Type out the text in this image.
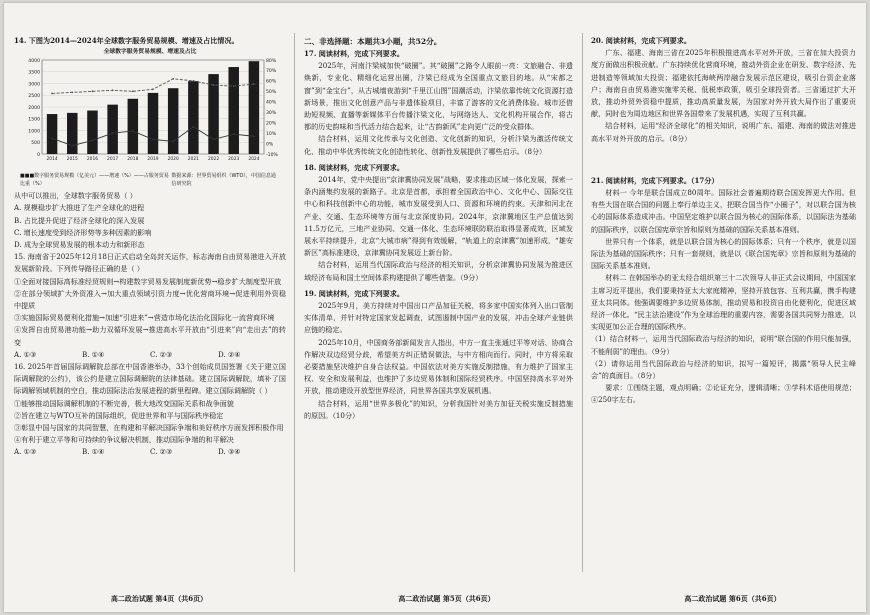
14. 下图为2014—2024年全球数字服务贸易规模、增速及占比情况。

全球数字服务贸易规模、增速及占比
0
500
1000
1500
2000
2500
3000
3500
4000
-10%
0%
10%
20%
30%
40%
50%
60%
70%
80%
2014 2015 2016 2017 2018 2019 2020 2021 2022 2023 2024
■■■数字服务贸易规模（亿美元）——增速（%）——占服务贸易比重（%）
数据来源：世界贸易组织（WTO），中国信息通信研究院

从中可以推出，全球数字服务贸易（ ）

A. 规模稳步扩大推进了生产全球化的进程

B. 占比提升促进了经济全球化的深入发展

C. 增长速度受到经济形势等多种因素的影响

D. 成为全球贸易发展的根本动力和新形态

15. 海南省于2025年12月18日正式启动全岛封关运作，标志海南自由贸易港进入开放发展新阶段。下列传导路径正确的是（ ）

①全面对接国际高标准经贸规则→构建数字贸易发展制度新优势→稳步扩大制度型开放

②在部分领域扩大外资准入→加大重点领域引资力度→优化营商环境→促进利用外资稳中提质

③实施国际贸易便利化措施→加速“引进来”→营造市场化法治化国际化一流营商环境

④发挥自由贸易港功能→助力双循环发展→推进高水平开放由“引进来”向“走出去”的转变

A. ①③	B. ①④	C. ②③	D. ②④

16. 2025年首届国际调解院总部在中国香港举办，33个创始成员国签署《关于建立国际调解院的公约》，该公约是建立国际调解院的法律基础。建立国际调解院，填补了国际调解领域机制的空白，推动国际法治发展进程的新里程碑。建立国际调解院（ ）

①能够推动国际调解机制的不断完善，极大地改变国际关系和战争面貌

②旨在建立与WTO互补的国际组织，促进世界和平与国际秩序稳定

③彰显中国与国家的共同智慧，在构建和平解决国际争端和美好秩序方面发挥积极作用

④有利于建立平等和可持续的争议解决机制，推动国际争端的和平解决

A. ①③	B. ①④	C. ②③	D. ③④
高二政治试题 第4页（共6页）

二、非选择题：本题共3小题，共52分。

17. 阅读材料，完成下列要求。

2025年，河南汴梁城加快“破圈”。其“破圈”之路令人眼前一亮：文旅融合、非遗焕新，专业化、精细化运营出圈，汴梁已经成为全国重点文旅目的地。从“宋都之窗”到“金宝台”，从古城墙夜游到“千里江山图”国潮活动，汴梁依靠传统文化资源打造新场景，推出文化创意产品与非遗体验项目，丰富了游客的文化消费体验。城市还借助短视频、直播等新媒体平台传播汴梁文化，与网络达人、文化机构开展合作，将古都的历史韵味和当代活力结合起来，让“古韵新风”走向更广泛的受众群体。

结合材料，运用文化传承与文化创造、文化创新的知识，分析汴梁为激活传统文化、推动中华优秀传统文化创造性转化、创新性发展提供了哪些启示。（8分）

18. 阅读材料，完成下列要求。

2014年，党中央提出“京津冀协同发展”战略，要求推动区域一体化发展，探索一条内涵集约发展的新路子。北京是首都，承担着全国政治中心、文化中心、国际交往中心和科技创新中心的功能，城市发展受到人口、资源和环境的约束。天津和河北在产业、交通、生态环境等方面与北京深度协同。2024年，京津冀地区生产总值达到11.5万亿元，三地产业协同、交通一体化、生态环境联防联治取得显著成效，区域发展水平持续提升，北京“大城市病”得到有效缓解，“轨道上的京津冀”加速形成，“雄安新区”高标准建设，京津冀协同发展迈上新台阶。

结合材料，运用当代国际政治与经济的相关知识，分析京津冀协同发展为推进区域经济布局和国土空间体系构建提供了哪些借鉴。（9分）

19. 阅读材料，完成下列要求。

2025年9月，美方持续对中国出口产品加征关税，将多家中国实体列入出口管制实体清单，并针对特定国家发起调查，试图遏制中国产业的发展，冲击全球产业链供应链的稳定。

2025年10月，中国商务部新闻发言人指出，中方一直主张通过平等对话、协商合作解决双边经贸分歧，希望美方纠正错误做法，与中方相向而行。同时，中方将采取必要措施坚决维护自身合法权益。中国依法对美方实施反制措施，有力维护了国家主权、安全和发展利益，也维护了多边贸易体制和国际经贸秩序。中国坚持高水平对外开放，推动建设开放型世界经济，同世界各国共享发展机遇。

结合材料，运用“世界多极化”的知识，分析我国针对美方加征关税实施反制措施的原因。（10分）

高二政治试题 第5页（共6页）

20. 阅读材料，完成下列要求。

广东、福建、海南三省在2025年积极推进高水平对外开放，三省在加大投资力度方面做出积极贡献。广东持续优化营商环境，推动外资企业在研发、数字经济、先进制造等领域加大投资；福建依托海峡两岸融合发展示范区建设，吸引台资企业落户；海南自由贸易港实施零关税、低税率政策，吸引全球投资者。三省通过扩大开放，推动外贸外资稳中提质，推动高质量发展，为国家对外开放大局作出了重要贡献，同时也为周边地区和世界各国带来了发展机遇，实现了互利共赢。

结合材料，运用“经济全球化”的相关知识，说明广东、福建、海南的做法对推进高水平对外开放的启示。（8分）

21. 阅读材料，完成下列要求。（17分）

材料一 今年是联合国成立80周年。国际社会普遍期待联合国发挥更大作用。但有些大国在联合国的问题上奉行单边主义，把联合国当作“小圈子”，对以联合国为核心的国际体系造成冲击。中国坚定维护以联合国为核心的国际体系，以国际法为基础的国际秩序，以联合国宪章宗旨和原则为基础的国际关系基本准则。

世界只有一个体系，就是以联合国为核心的国际体系；只有一个秩序，就是以国际法为基础的国际秩序；只有一套规则，就是以《联合国宪章》宗旨和原则为基础的国际关系基本准则。

材料二 在韩国举办的亚太经合组织第三十二次领导人非正式会议期间，中国国家主席习近平提出，我们要秉持亚太大家庭精神，坚持开放包容、互利共赢，携手构建亚太共同体。他强调要维护多边贸易体制，推动贸易和投资自由化便利化，促进区域经济一体化。“民主法治建设”作为全球治理的重要内容，需要各国共同努力推进，以实现更加公正合理的国际秩序。

（1）结合材料一，运用当代国际政治与经济的知识，说明“联合国的作用只能加强，不能削弱”的理由。（9分）

（2）请你运用当代国际政治与经济的知识，拟写一篇短评，揭露“领导人民主峰会”的真面目。（8分）

要求：①围绕主题，观点明确；②论证充分，逻辑清晰；③学科术语使用规范；④250字左右。

高二政治试题 第6页（共6页）
